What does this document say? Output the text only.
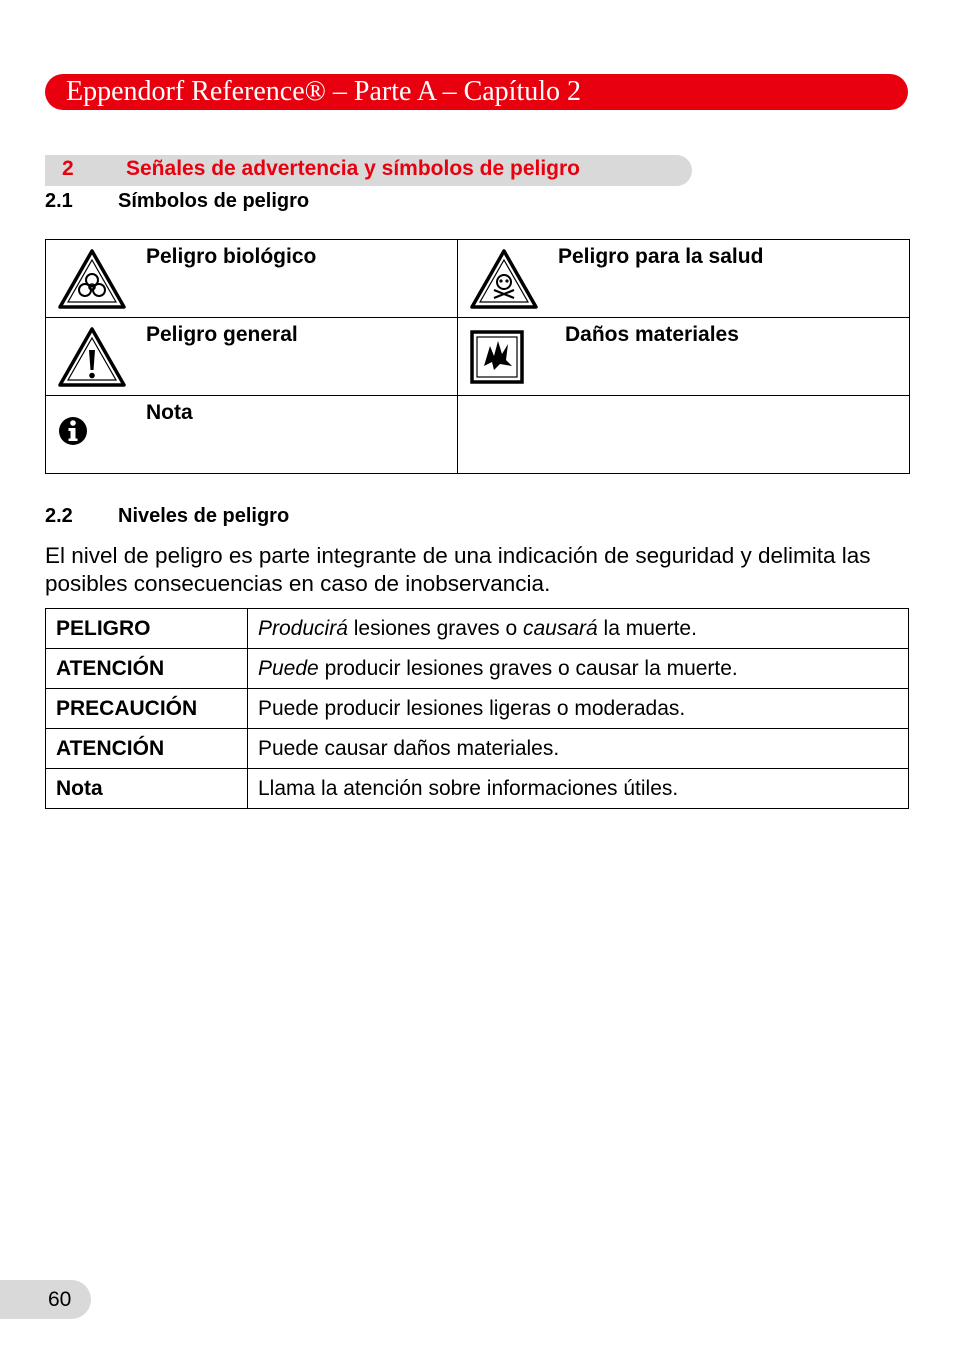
Eppendorf Reference® – Parte A – Capítulo 2
2 Señales de advertencia y símbolos de peligro
2.1 Símbolos de peligro
Peligro biológico	Peligro para la salud

Peligro general	Daños materiales

Nota	

2.2 Niveles de peligro
El nivel de peligro es parte integrante de una indicación de seguridad y delimita las posibles consecuencias en caso de inobservancia.
PELIGRO	Producirá lesiones graves o causará la muerte.
ATENCIÓN	Puede producir lesiones graves o causar la muerte.
PRECAUCIÓN	Puede producir lesiones ligeras o moderadas.
ATENCIÓN	Puede causar daños materiales.
Nota	Llama la atención sobre informaciones útiles.
60
